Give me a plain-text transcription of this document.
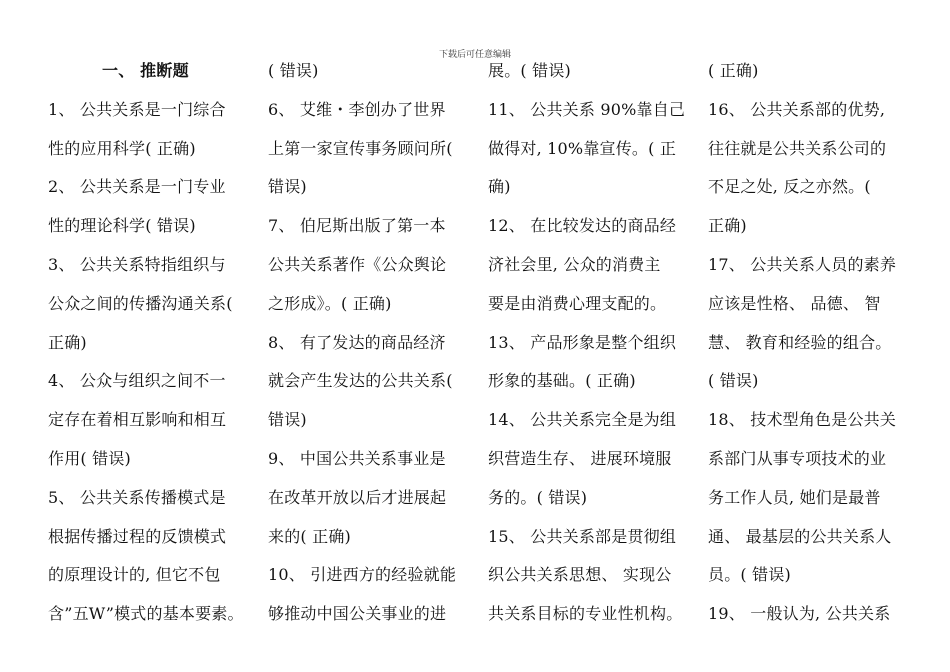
下载后可任意编辑

一、 推断题

1、 公共关系是一门综合

性的应用科学( 正确)

2、 公共关系是一门专业

性的理论科学( 错误)

3、 公共关系特指组织与

公众之间的传播沟通关系(

正确)

4、 公众与组织之间不一

定存在着相互影响和相互

作用( 错误)

5、 公共关系传播模式是

根据传播过程的反馈模式

的原理设计的, 但它不包

含”五W”模式的基本要素。

( 错误)

6、 艾维・李创办了世界

上第一家宣传事务顾问所(

错误)

7、 伯尼斯出版了第一本

公共关系著作《公众舆论

之形成》。( 正确)

8、 有了发达的商品经济

就会产生发达的公共关系(

错误)

9、 中国公共关系事业是

在改革开放以后才进展起

来的( 正确)

10、 引进西方的经验就能

够推动中国公关事业的进

展。( 错误)

11、 公共关系 90%靠自己

做得对, 10%靠宣传。( 正

确)

12、 在比较发达的商品经

济社会里, 公众的消费主

要是由消费心理支配的。

13、 产品形象是整个组织

形象的基础。( 正确)

14、 公共关系完全是为组

织营造生存、 进展环境服

务的。( 错误)

15、 公共关系部是贯彻组

织公共关系思想、 实现公

共关系目标的专业性机构。

( 正确)

16、 公共关系部的优势,

往往就是公共关系公司的

不足之处, 反之亦然。(

正确)

17、 公共关系人员的素养

应该是性格、 品德、 智

慧、 教育和经验的组合。

( 错误)

18、 技术型角色是公共关

系部门从事专项技术的业

务工作人员, 她们是最普

通、 最基层的公共关系人

员。( 错误)

19、 一般认为, 公共关系
